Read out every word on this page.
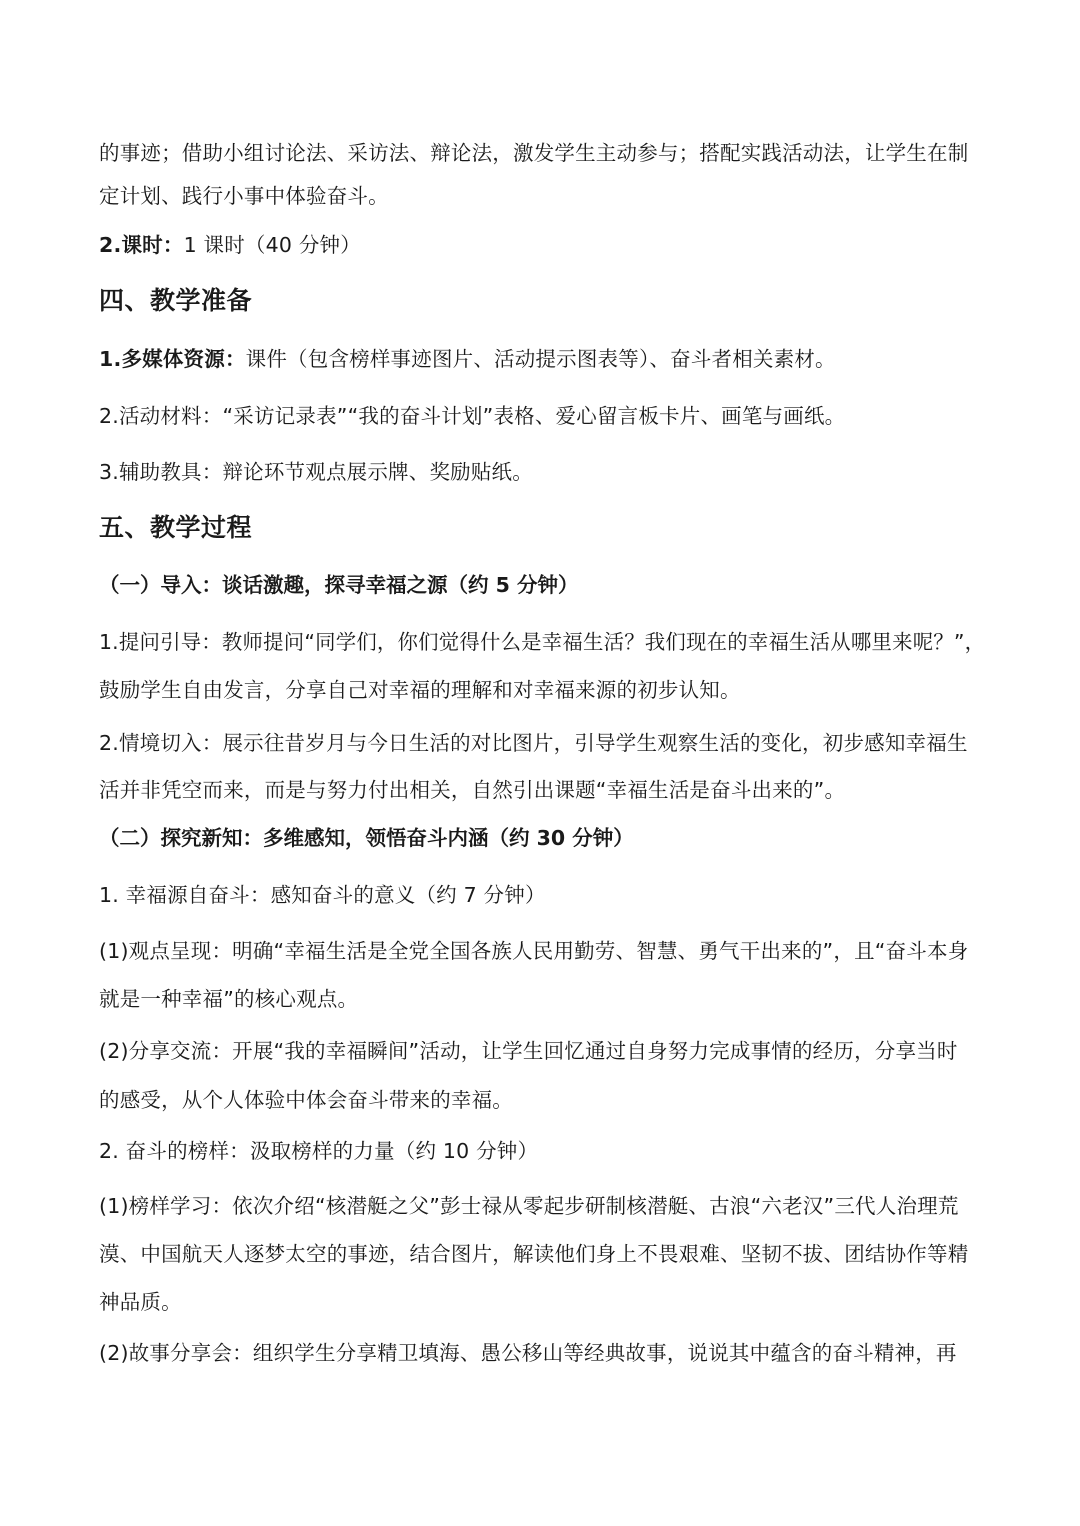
的事迹；借助小组讨论法、采访法、辩论法，激发学生主动参与；搭配实践活动法，让学生在制
定计划、践行小事中体验奋斗。
2.课时：1 课时（40 分钟）
四、教学准备
1.多媒体资源：课件（包含榜样事迹图片、活动提示图表等）、奋斗者相关素材。
2.活动材料：“采访记录表”“我的奋斗计划”表格、爱心留言板卡片、画笔与画纸。
3.辅助教具：辩论环节观点展示牌、奖励贴纸。
五、教学过程
（一）导入：谈话激趣，探寻幸福之源（约 5 分钟）
1.提问引导：教师提问“同学们，你们觉得什么是幸福生活？我们现在的幸福生活从哪里来呢？”，
鼓励学生自由发言，分享自己对幸福的理解和对幸福来源的初步认知。
2.情境切入：展示往昔岁月与今日生活的对比图片，引导学生观察生活的变化，初步感知幸福生
活并非凭空而来，而是与努力付出相关，自然引出课题“幸福生活是奋斗出来的”。
（二）探究新知：多维感知，领悟奋斗内涵（约 30 分钟）
1. 幸福源自奋斗：感知奋斗的意义（约 7 分钟）
(1)观点呈现：明确“幸福生活是全党全国各族人民用勤劳、智慧、勇气干出来的”，且“奋斗本身
就是一种幸福”的核心观点。
(2)分享交流：开展“我的幸福瞬间”活动，让学生回忆通过自身努力完成事情的经历，分享当时
的感受，从个人体验中体会奋斗带来的幸福。
2. 奋斗的榜样：汲取榜样的力量（约 10 分钟）
(1)榜样学习：依次介绍“核潜艇之父”彭士禄从零起步研制核潜艇、古浪“六老汉”三代人治理荒
漠、中国航天人逐梦太空的事迹，结合图片，解读他们身上不畏艰难、坚韧不拔、团结协作等精
神品质。
(2)故事分享会：组织学生分享精卫填海、愚公移山等经典故事，说说其中蕴含的奋斗精神，再
